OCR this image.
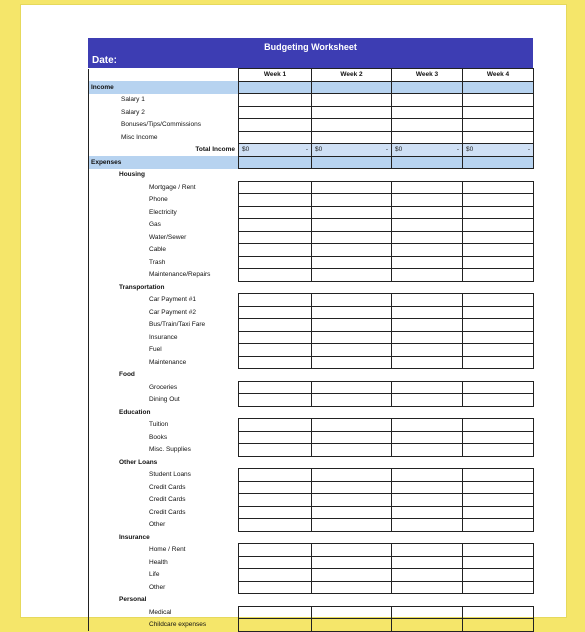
Budgeting Worksheet
Date:
	Week 1	Week 2	Week 3	Week 4
Income				
Salary 1				
Salary 2				
Bonuses/Tips/Commissions				
Misc Income				
Total Income	$0 -	$0 -	$0 -	$0 -

Expenses				
Housing				
Mortgage / Rent				
Phone				
Electricity				
Gas				
Water/Sewer				
Cable				
Trash				
Maintenance/Repairs				
Transportation				
Car Payment #1				
Car Payment #2				
Bus/Train/Taxi Fare				
Insurance				
Fuel				
Maintenance				
Food				
Groceries				
Dining Out				
Education				
Tuition				
Books				
Misc. Supplies				
Other Loans				
Student Loans				
Credit Cards				
Credit Cards				
Credit Cards				
Other				
Insurance				
Home / Rent				
Health				
Life				
Other				
Personal				
Medical				
Childcare expenses				
